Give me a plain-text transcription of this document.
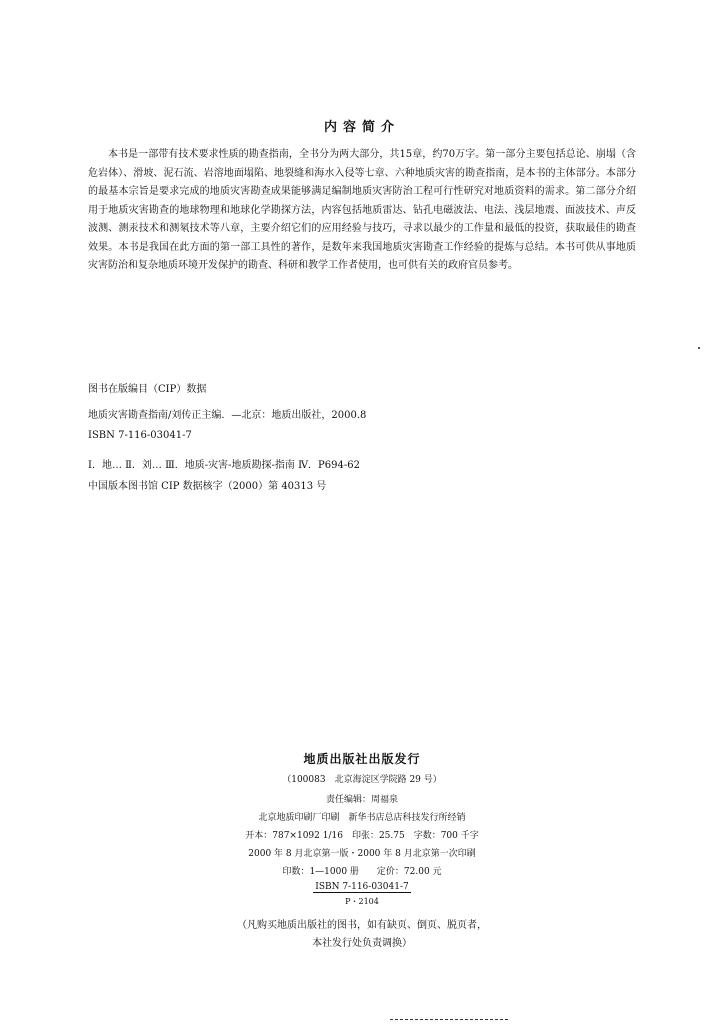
内容简介
本书是一部带有技术要求性质的勘查指南，全书分为两大部分，共15章，约70万字。第一部分主要包括总论、崩塌（含危岩体）、滑坡、泥石流、岩溶地面塌陷、地裂缝和海水入侵等七章、六种地质灾害的勘查指南，是本书的主体部分。本部分的最基本宗旨是要求完成的地质灾害勘查成果能够满足编制地质灾害防治工程可行性研究对地质资料的需求。第二部分介绍用于地质灾害勘查的地球物理和地球化学勘探方法，内容包括地质雷达、钻孔电磁波法、电法、浅层地震、面波技术、声反波测、测汞技术和测氡技术等八章，主要介绍它们的应用经验与技巧，寻求以最少的工作量和最低的投资，获取最佳的勘查效果。本书是我国在此方面的第一部工具性的著作，是数年来我国地质灾害勘查工作经验的提炼与总结。本书可供从事地质灾害防治和复杂地质环境开发保护的勘查、科研和教学工作者使用，也可供有关的政府官员参考。
图书在版编目（CIP）数据
地质灾害勘查指南/刘传正主编．—北京：地质出版社，2000.8
ISBN 7-116-03041-7
Ⅰ．地… Ⅱ．刘… Ⅲ．地质-灾害-地质勘探-指南 Ⅳ．P694-62
中国版本图书馆 CIP 数据核字（2000）第 40313 号
地质出版社出版发行
（100083　北京海淀区学院路 29 号）
责任编辑：周福泉
北京地质印刷厂印刷　新华书店总店科技发行所经销
开本：787×1092 1/16　印张：25.75　字数：700 千字
2000 年 8 月北京第一版・2000 年 8 月北京第一次印刷
印数：1—1000 册　　定价：72.00 元
ISBN 7-116-03041-7
P・2104
（凡购买地质出版社的图书，如有缺页、倒页、脱页者，
本社发行处负责调换）
